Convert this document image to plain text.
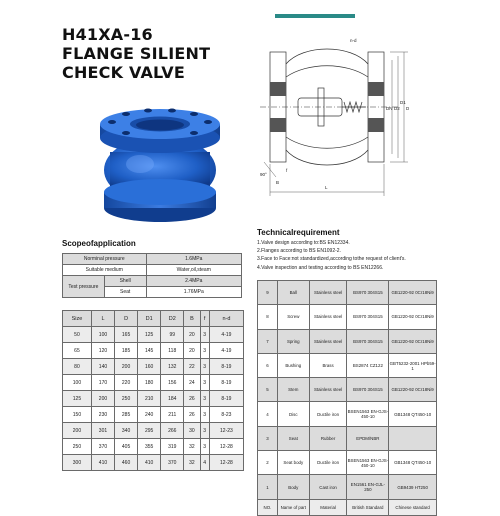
H41XA-16
FLANGE SILIENT
CHECK VALVE
DN D2
D1
D
L
90°
B
f
n-d
Scopeofapplication
Norminal pressure		1.6MPa
Suitable medium		Water,oil,steam
Test pressure	Shell	2.4MPa
	Seat	1.76MPa
Size	L	D	D1	D2	B	f	n-d
50	100	165	125	99	20	3	4-19
65	120	185	145	118	20	3	4-19
80	140	200	160	132	22	3	8-19
100	170	220	180	156	24	3	8-19
125	200	250	210	184	26	3	8-19
150	230	285	240	211	26	3	8-23
200	301	340	295	266	30	3	12-23
250	370	405	355	319	32	3	12-28
300	410	460	410	370	32	4	12-28
Technicalrequirement
1.Valve design according to:BS EN12334.
2.Flanges according to BS EN1092-2.
3.Face to Face:not standardized,according tothe request of client's.
4.Valve inspection and testing according to BS EN12266.
9	Ball	Stainless steel	BS970 304S15	GB1220-92 0Cr18Ni9
8	Screw	Stainless steel	BS970 304S15	GB1220-92 0Cr18Ni9
7	Spring	Stainless steel	BS970 304S15	GB1220-92 0Cr18Ni9
6	Bushing	Brass	BS2874 CZ122	GBT5232-2001 HPb59-1
5	Stem	Stainless steel	BS970 304S15	GB1220-92 0Cr18Ni9
4	Disc	Ductile iron	BSEN1563 EN-GJS-450-10	GB1348 QT450-10
3	Seat	Rubber	EPDM/NBR	
2	Seat body	Ductile iron	BSEN1563 EN-GJS-450-10	GB1348 QT450-10
1	Body	Cast iron	EN1561 EN-GJL-250	GB9439 HT250
NO.	Name of part	Material	British Standard	Chinese standard
